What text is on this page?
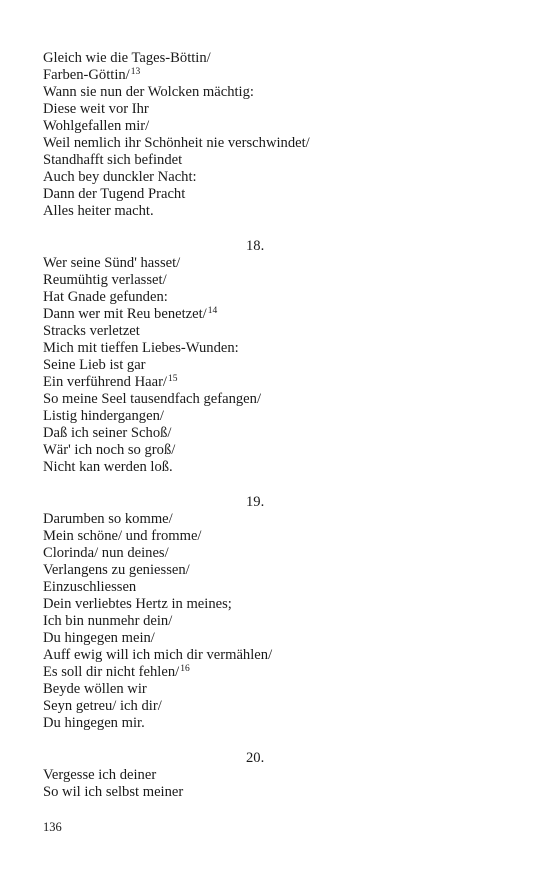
Gleich wie die Tages-Böttin/
Farben-Göttin/$^{13}$
Wann sie nun der Wolcken mächtig:
Diese weit vor Ihr
Wohlgefallen mir/
Weil nemlich ihr Schönheit nie verschwindet/
Standhafft sich befindet
Auch bey dunckler Nacht:
Dann der Tugend Pracht
Alles heiter macht.
18.
Wer seine Sünd' hasset/
Reumühtig verlasset/
Hat Gnade gefunden:
Dann wer mit Reu benetzet/$^{14}$
Stracks verletzet
Mich mit tieffen Liebes-Wunden:
Seine Lieb ist gar
Ein verführend Haar/$^{15}$
So meine Seel tausendfach gefangen/
Listig hindergangen/
Daß ich seiner Schoß/
Wär' ich noch so groß/
Nicht kan werden loß.
19.
Darumben so komme/
Mein schöne/ und fromme/
Clorinda/ nun deines/
Verlangens zu geniessen/
Einzuschliessen
Dein verliebtes Hertz in meines;
Ich bin nunmehr dein/
Du hingegen mein/
Auff ewig will ich mich dir vermählen/
Es soll dir nicht fehlen/$^{16}$
Beyde wöllen wir
Seyn getreu/ ich dir/
Du hingegen mir.
20.
Vergesse ich deiner
So wil ich selbst meiner
136
